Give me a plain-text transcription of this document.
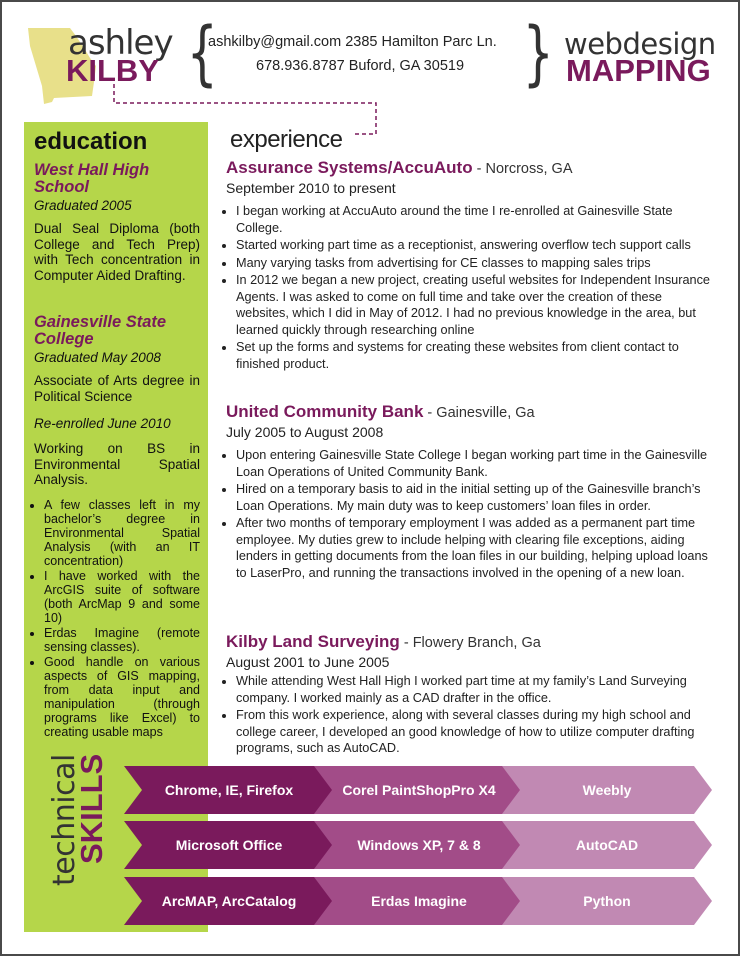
ashley
KILBY {	}
ashkilby@gmail.com 2385 Hamilton Parc Ln.
678.936.8787 Buford, GA 30519
webdesign
MAPPING
education
West Hall High School
Graduated 2005
Dual Seal Diploma (both College and Tech Prep) with Tech concentration in Computer Aided Drafting.
Gainesville State College
Graduated May 2008
Associate of Arts degree in Political Science
Re-enrolled June 2010
Working on BS in Environmental Spatial Analysis.
• A few classes left in my bachelor’s degree in Environmental Spatial Analysis (with an IT concentration)
• I have worked with the ArcGIS suite of software (both ArcMap 9 and some 10)
• Erdas Imagine (remote sensing classes).
• Good handle on various aspects of GIS mapping, from data input and manipulation (through programs like Excel) to creating usable maps
experience
Assurance Systems/AccuAuto - Norcross, GA
September 2010 to present
• I began working at AccuAuto around the time I re-enrolled at Gainesville State College.
• Started working part time as a receptionist, answering overflow tech support calls
• Many varying tasks from advertising for CE classes to mapping sales trips
• In 2012 we began a new project, creating useful websites for Independent Insurance Agents. I was asked to come on full time and take over the creation of these websites, which I did in May of 2012. I had no previous knowledge in the area, but learned quickly through researching online
• Set up the forms and systems for creating these websites from client contact to finished product.
United Community Bank - Gainesville, Ga
July 2005 to August 2008
• Upon entering Gainesville State College I began working part time in the Gainesville Loan Operations of United Community Bank.
• Hired on a temporary basis to aid in the initial setting up of the Gainesville branch’s Loan Operations. My main duty was to keep customers’ loan files in order.
• After two months of temporary employment I was added as a permanent part time employee. My duties grew to include helping with clearing file exceptions, aiding lenders in getting documents from the loan files in our building, helping upload loans to LaserPro, and running the transactions involved in the opening of a new loan.
Kilby Land Surveying - Flowery Branch, Ga
August 2001 to June 2005
• While attending West Hall High I worked part time at my family’s Land Surveying company. I worked mainly as a CAD drafter in the office.
• From this work experience, along with several classes during my high school and college career, I developed an good knowledge of how to utilize computer drafting programs, such as AutoCAD.
technical
SKILLS	Chrome, IE, Firefox	Corel PaintShopPro X4	Weebly
Microsoft Office	Windows XP, 7 & 8	AutoCAD
ArcMAP, ArcCatalog	Erdas Imagine	Python
